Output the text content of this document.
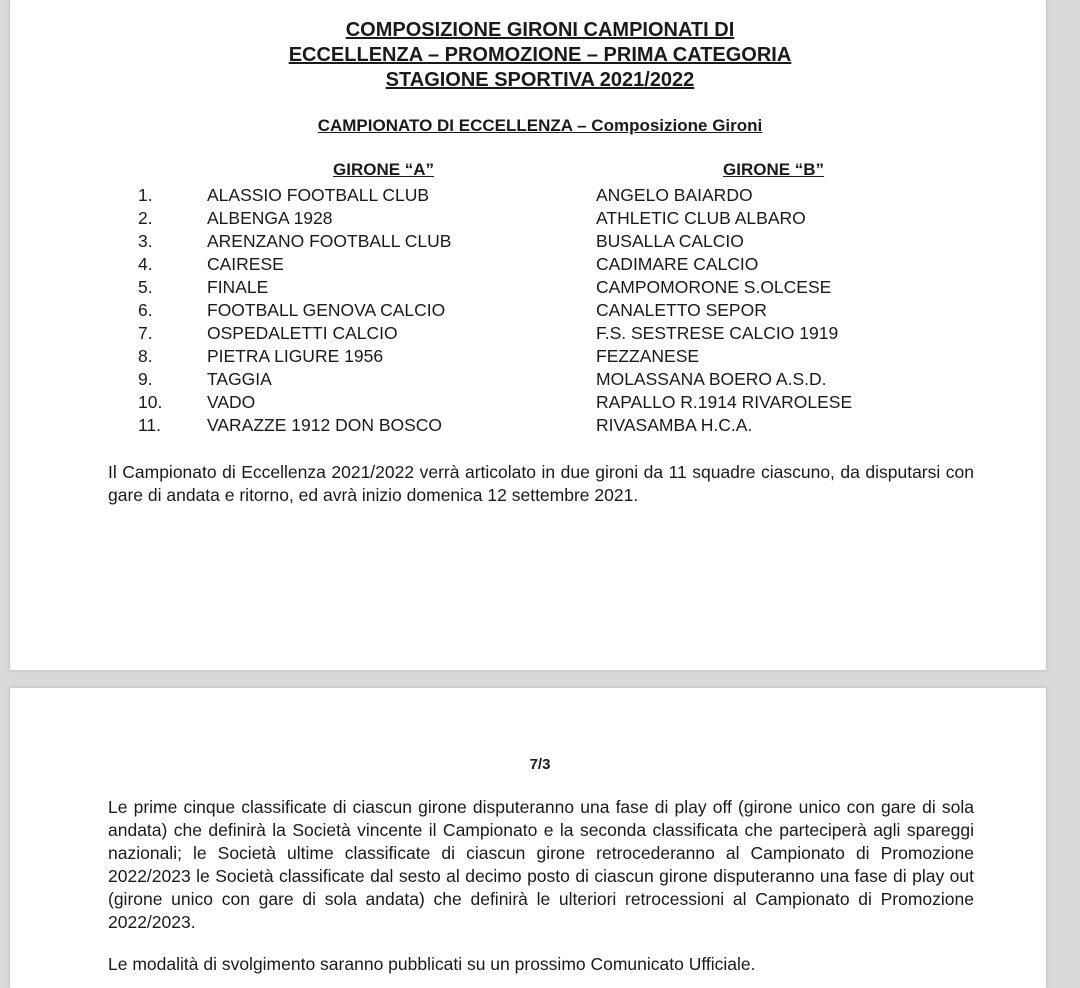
COMPOSIZIONE GIRONI CAMPIONATI DI
ECCELLENZA – PROMOZIONE – PRIMA CATEGORIA
STAGIONE SPORTIVA 2021/2022
CAMPIONATO DI ECCELLENZA – Composizione Gironi
GIRONE “A”	GIRONE “B”
1.	ALASSIO FOOTBALL CLUB	ANGELO BAIARDO
2.	ALBENGA 1928	ATHLETIC CLUB ALBARO
3.	ARENZANO FOOTBALL CLUB	BUSALLA CALCIO
4.	CAIRESE	CADIMARE CALCIO
5.	FINALE	CAMPOMORONE S.OLCESE
6.	FOOTBALL GENOVA CALCIO	CANALETTO SEPOR
7.	OSPEDALETTI CALCIO	F.S. SESTRESE CALCIO 1919
8.	PIETRA LIGURE 1956	FEZZANESE
9.	TAGGIA	MOLASSANA BOERO A.S.D.
10.	VADO	RAPALLO R.1914 RIVAROLESE
11.	VARAZZE 1912 DON BOSCO	RIVASAMBA H.C.A.
Il Campionato di Eccellenza 2021/2022 verrà articolato in due gironi da 11 squadre ciascuno, da disputarsi con gare di andata e ritorno, ed avrà inizio domenica 12 settembre 2021.
7/3
Le prime cinque classificate di ciascun girone disputeranno una fase di play off (girone unico con gare di sola andata) che definirà la Società vincente il Campionato e la seconda classificata che parteciperà agli spareggi nazionali; le Società ultime classificate di ciascun girone retrocederanno al Campionato di Promozione 2022/2023 le Società classificate dal sesto al decimo posto di ciascun girone disputeranno una fase di play out (girone unico con gare di sola andata) che definirà le ulteriori retrocessioni al Campionato di Promozione 2022/2023.
Le modalità di svolgimento saranno pubblicati su un prossimo Comunicato Ufficiale.
